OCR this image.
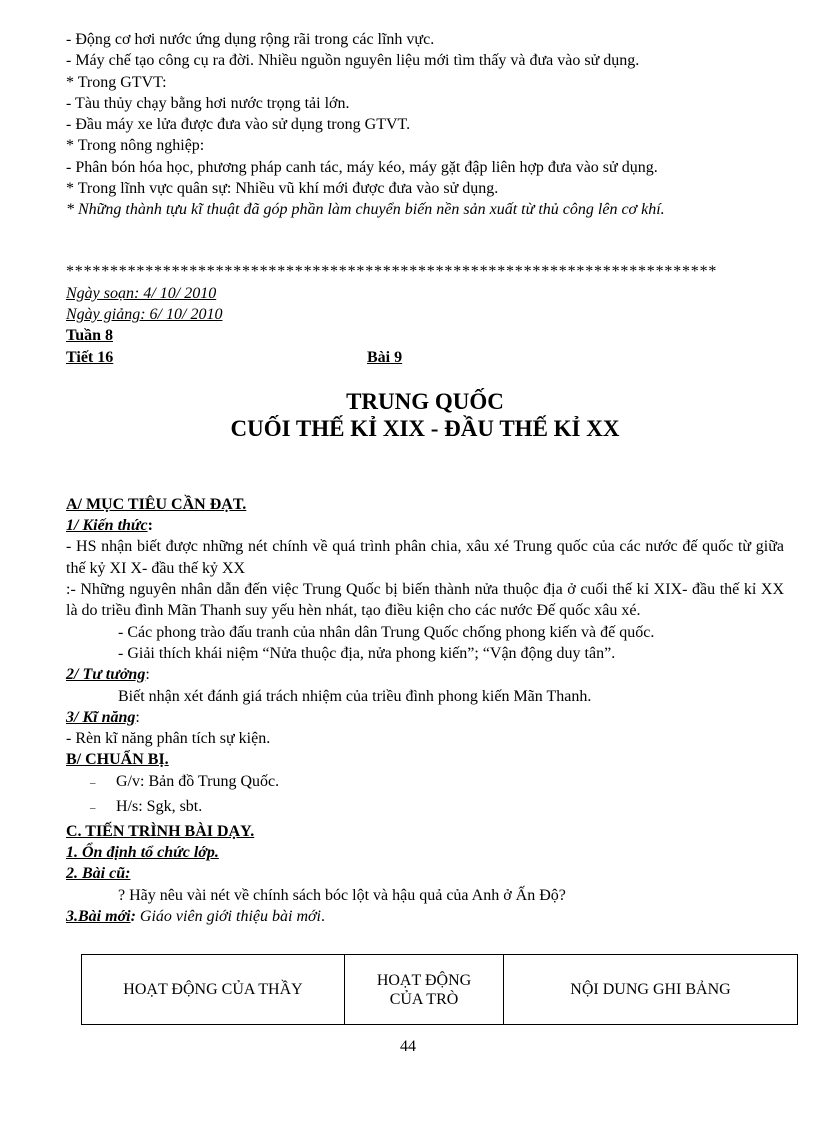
- Động cơ hơi nước ứng dụng rộng rãi trong các lĩnh vực.

- Máy chế tạo công cụ ra đời. Nhiều nguồn nguyên liệu mới tìm thấy và đưa vào sử dụng.

* Trong GTVT:

- Tàu thủy chạy bằng hơi nước trọng tải lớn.

- Đầu máy xe lửa được đưa vào sử dụng trong GTVT.

* Trong nông nghiệp:

- Phân bón hóa học, phương pháp canh tác, máy kéo, máy gặt đập liên hợp đưa vào sử dụng.

* Trong lĩnh vực quân sự: Nhiều vũ khí mới được đưa vào sử dụng.

* Những thành tựu kĩ thuật đã góp phần làm chuyển biến nền sản xuất từ thủ công lên cơ khí.

**************************************************************************

Ngày soạn: 4/ 10/ 2010

Ngày giảng: 6/ 10/ 2010

Tuần 8

Tiết 16	Bài 9

TRUNG QUỐC

CUỐI THẾ KỈ XIX - ĐẦU THẾ KỈ XX

A/ MỤC TIÊU CẦN ĐẠT.

1/ Kiến thức:

- HS nhận biết được những nét chính về quá trình phân chia, xâu xé Trung quốc của các nước đế quốc từ giữa thế kỷ XI X- đầu thế kỷ XX

:- Những nguyên nhân dẫn đến việc Trung Quốc bị biến thành nửa thuộc địa ở cuối thế kỉ XIX- đầu thế kỉ XX là do triều đình Mãn Thanh suy yếu hèn nhát, tạo điều kiện cho các nước Đế quốc xâu xé.

- Các phong trào đấu tranh của nhân dân Trung Quốc chống phong kiến và đế quốc.

- Giải thích khái niệm “Nửa thuộc địa, nửa phong kiến”; “Vận động duy tân”.

2/ Tư tưởng:

Biết nhận xét đánh giá trách nhiệm của triều đình phong kiến Mãn Thanh.

3/ Kĩ năng:

- Rèn kĩ năng phân tích sự kiện.

B/ CHUẨN BỊ.

–	G/v: Bản đồ Trung Quốc.
–	H/s: Sgk, sbt.

C. TIẾN TRÌNH BÀI DẠY.

1. Ổn định tổ chức lớp.

2. Bài cũ:

? Hãy nêu vài nét về chính sách bóc lột và hậu quả của Anh ở Ấn Độ?

3.Bài mới: Giáo viên giới thiệu bài mới.

HOẠT ĐỘNG CỦA THẦY	HOẠT ĐỘNG CỦA TRÒ	NỘI DUNG GHI BẢNG
44
